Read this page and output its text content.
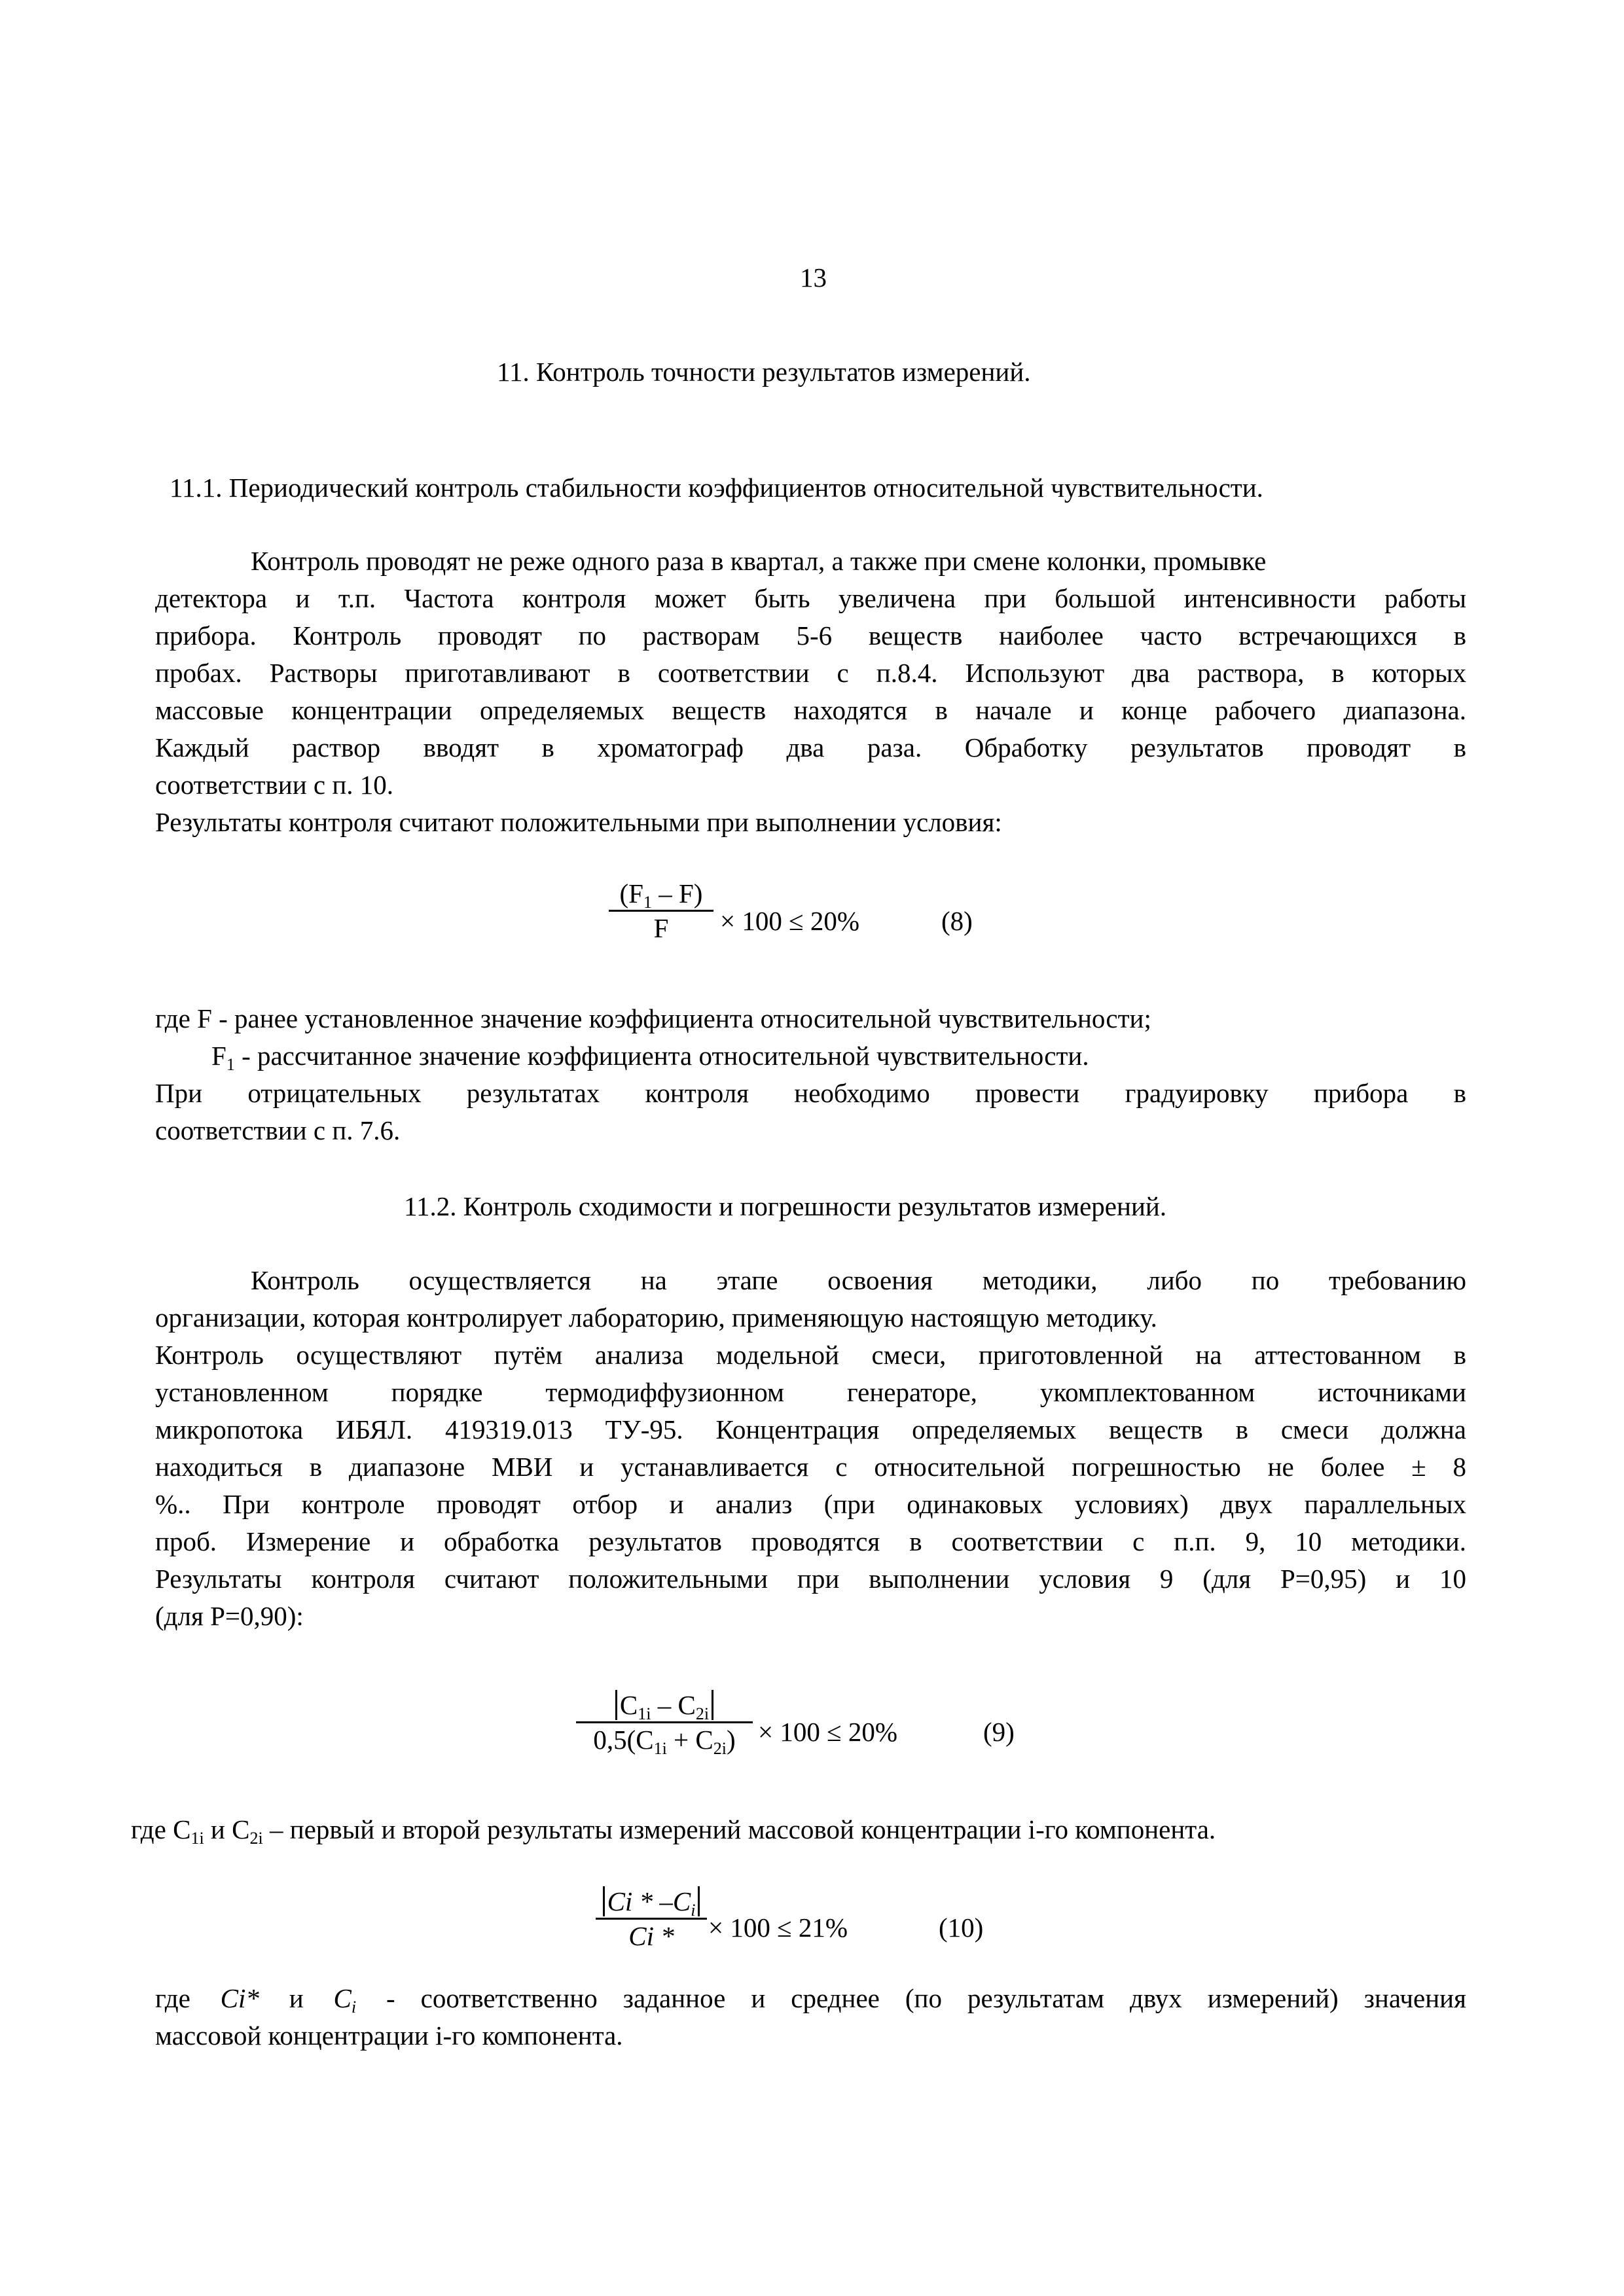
13
11. Контроль точности результатов измерений.
11.1. Периодический контроль стабильности коэффициентов относительной чувствительности.
Контроль проводят не реже одного раза в квартал, а также при смене колонки, промывке
детектора и т.п. Частота контроля может быть увеличена при большой интенсивности работы
прибора. Контроль проводят по растворам 5-6 веществ наиболее часто встречающихся в
пробах. Растворы приготавливают в соответствии с п.8.4. Используют два раствора, в которых
массовые концентрации определяемых веществ находятся в начале и конце рабочего диапазона.
Каждый раствор вводят в хроматограф два раза. Обработку результатов проводят в
соответствии с п. 10.
Результаты контроля считают положительными при выполнении условия:
$(F_1 - F)$
F × 100 ≤ 20%	(8)
где F - ранее установленное значение коэффициента относительной чувствительности;
$F_1$ - рассчитанное значение коэффициента относительной чувствительности.
При отрицательных результатах контроля необходимо провести градуировку прибора в
соответствии с п. 7.6.
11.2. Контроль сходимости и погрешности результатов измерений.
Контроль осуществляется на этапе освоения методики, либо по требованию
организации, которая контролирует лабораторию, применяющую настоящую методику.
Контроль осуществляют путём анализа модельной смеси, приготовленной на аттестованном в
установленном порядке термодиффузионном генераторе, укомплектованном источниками
микропотока ИБЯЛ. 419319.013 ТУ-95. Концентрация определяемых веществ в смеси должна
находиться в диапазоне МВИ и устанавливается с относительной погрешностью не более ± 8
%.. При контроле проводят отбор и анализ (при одинаковых условиях) двух параллельных
проб. Измерение и обработка результатов проводятся в соответствии с п.п. 9, 10 методики.
Результаты контроля считают положительными при выполнении условия 9 (для P=0,95) и 10
(для P=0,90):
$C_{1i} - C_{2i}$
$0,5(C_{1i} + C_{2i}) \times 100 \le 20\%$	(9)
где $C_{1i}$ и $C_{2i}$ – первый и второй результаты измерений массовой концентрации i-го компонента.
Ci * $-C_i$
Ci * × 100 ≤ 21%	(10)
где Ci* и $C_i$ - соответственно заданное и среднее (по результатам двух измерений) значения
массовой концентрации i-го компонента.
